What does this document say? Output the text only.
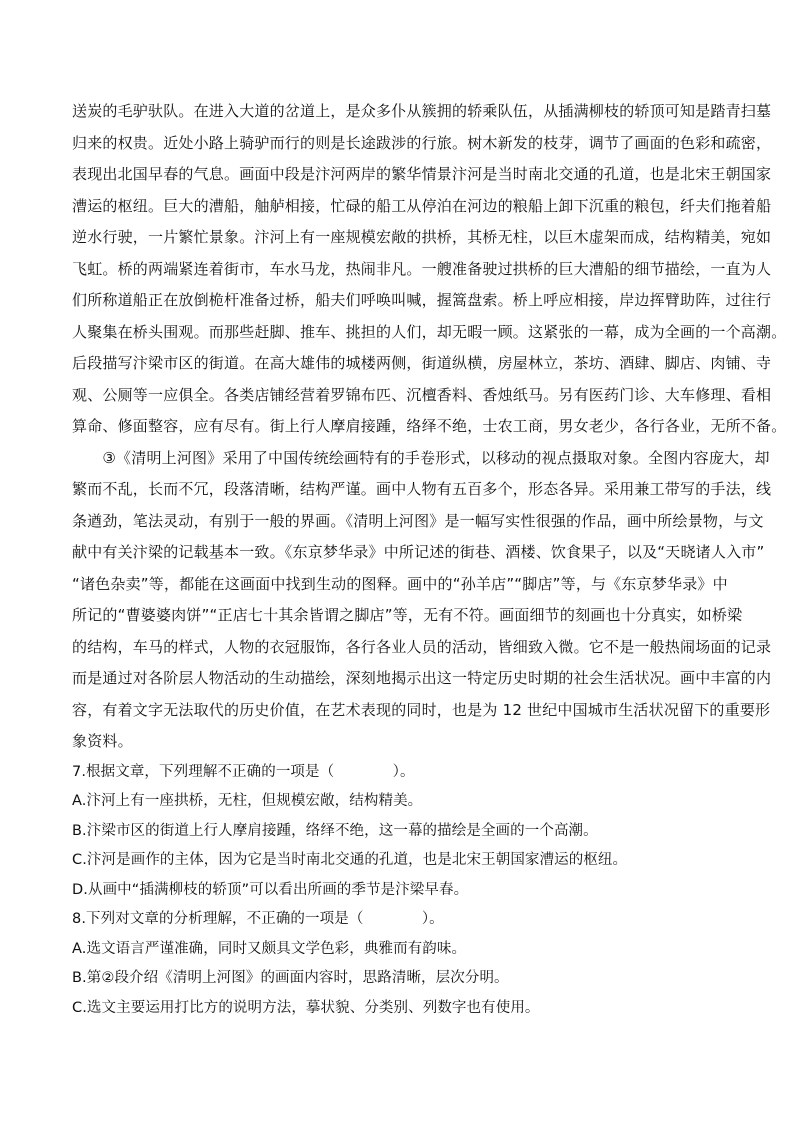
送炭的毛驴驮队。在进入大道的岔道上，是众多仆从簇拥的轿乘队伍，从插满柳枝的轿顶可知是踏青扫墓
归来的权贵。近处小路上骑驴而行的则是长途跋涉的行旅。树木新发的枝芽，调节了画面的色彩和疏密，
表现出北国早春的气息。画面中段是汴河两岸的繁华情景汴河是当时南北交通的孔道，也是北宋王朝国家
漕运的枢纽。巨大的漕船，舳舻相接，忙碌的船工从停泊在河边的粮船上卸下沉重的粮包，纤夫们拖着船
逆水行驶，一片繁忙景象。汴河上有一座规模宏敞的拱桥，其桥无柱，以巨木虚架而成，结构精美，宛如
飞虹。桥的两端紧连着街市，车水马龙，热闹非凡。一艘准备驶过拱桥的巨大漕船的细节描绘，一直为人
们所称道船正在放倒桅杆准备过桥，船夫们呼唤叫喊，握篙盘索。桥上呼应相接，岸边挥臂助阵，过往行
人聚集在桥头围观。而那些赶脚、推车、挑担的人们，却无暇一顾。这紧张的一幕，成为全画的一个高潮。
后段描写汴梁市区的街道。在高大雄伟的城楼两侧，街道纵横，房屋林立，茶坊、酒肆、脚店、肉铺、寺
观、公厕等一应俱全。各类店铺经营着罗锦布匹、沉檀香料、香烛纸马。另有医药门诊、大车修理、看相
算命、修面整容，应有尽有。街上行人摩肩接踵，络绎不绝，士农工商，男女老少，各行各业，无所不备。
　　③《清明上河图》采用了中国传统绘画特有的手卷形式，以移动的视点摄取对象。全图内容庞大，却
繁而不乱，长而不冗，段落清晰，结构严谨。画中人物有五百多个，形态各异。采用兼工带写的手法，线
条遒劲，笔法灵动，有别于一般的界画。《清明上河图》是一幅写实性很强的作品，画中所绘景物，与文
献中有关汴梁的记载基本一致。《东京梦华录》中所记述的街巷、酒楼、饮食果子，以及“天晓诸人入市”
“诸色杂卖”等，都能在这画面中找到生动的图释。画中的“孙羊店”“脚店”等，与《东京梦华录》中
所记的“曹婆婆肉饼”“正店七十其余皆谓之脚店”等，无有不符。画面细节的刻画也十分真实，如桥梁
的结构，车马的样式，人物的衣冠服饰，各行各业人员的活动，皆细致入微。它不是一般热闹场面的记录
而是通过对各阶层人物活动的生动描绘，深刻地揭示出这一特定历史时期的社会生活状况。画中丰富的内
容，有着文字无法取代的历史价值，在艺术表现的同时，也是为 12 世纪中国城市生活状况留下的重要形
象资料。
7.根据文章，下列理解不正确的一项是（　　　　）。
A.汴河上有一座拱桥，无柱，但规模宏敞，结构精美。
B.汴梁市区的街道上行人摩肩接踵，络绎不绝，这一幕的描绘是全画的一个高潮。
C.汴河是画作的主体，因为它是当时南北交通的孔道，也是北宋王朝国家漕运的枢纽。
D.从画中“插满柳枝的轿顶”可以看出所画的季节是汴梁早春。
8.下列对文章的分析理解，不正确的一项是（　　　　）。
A.选文语言严谨准确，同时又颇具文学色彩，典雅而有韵味。
B.第②段介绍《清明上河图》的画面内容时，思路清晰，层次分明。
C.选文主要运用打比方的说明方法，摹状貌、分类别、列数字也有使用。
